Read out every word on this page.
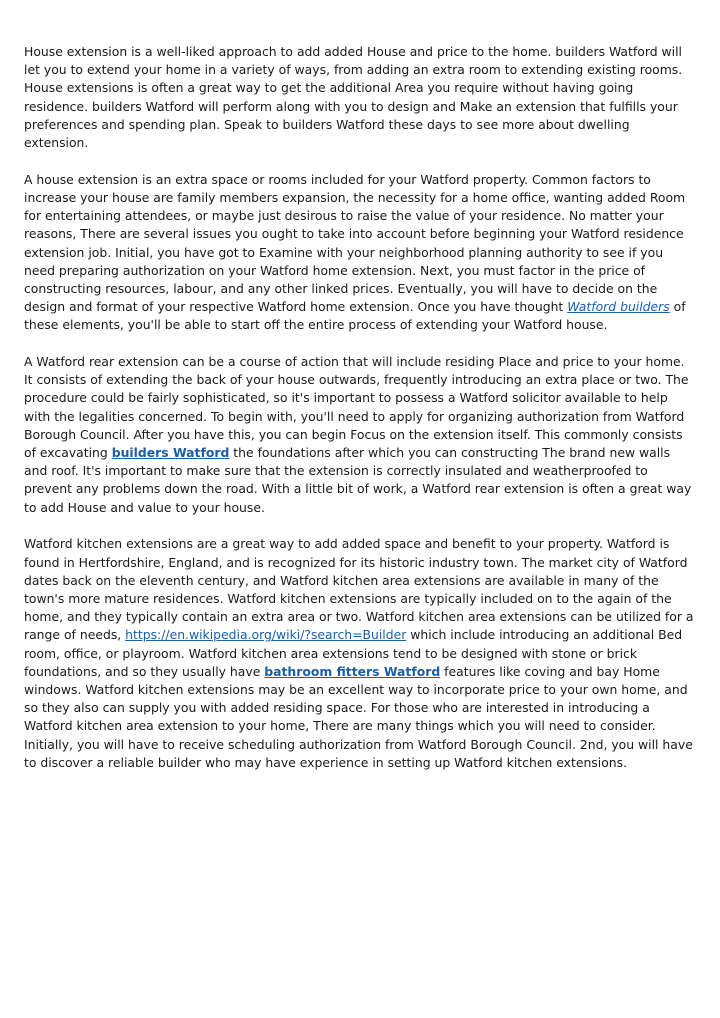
House extension is a well-liked approach to add added House and price to the home. builders Watford will let you to extend your home in a variety of ways, from adding an extra room to extending existing rooms. House extensions is often a great way to get the additional Area you require without having going residence. builders Watford will perform along with you to design and Make an extension that fulfills your preferences and spending plan. Speak to builders Watford these days to see more about dwelling extension.

A house extension is an extra space or rooms included for your Watford property. Common factors to increase your house are family members expansion, the necessity for a home office, wanting added Room for entertaining attendees, or maybe just desirous to raise the value of your residence. No matter your reasons, There are several issues you ought to take into account before beginning your Watford residence extension job. Initial, you have got to Examine with your neighborhood planning authority to see if you need preparing authorization on your Watford home extension. Next, you must factor in the price of constructing resources, labour, and any other linked prices. Eventually, you will have to decide on the design and format of your respective Watford home extension. Once you have thought Watford builders of these elements, you'll be able to start off the entire process of extending your Watford house.

A Watford rear extension can be a course of action that will include residing Place and price to your home. It consists of extending the back of your house outwards, frequently introducing an extra place or two. The procedure could be fairly sophisticated, so it's important to possess a Watford solicitor available to help with the legalities concerned. To begin with, you'll need to apply for organizing authorization from Watford Borough Council. After you have this, you can begin Focus on the extension itself. This commonly consists of excavating builders Watford the foundations after which you can constructing The brand new walls and roof. It's important to make sure that the extension is correctly insulated and weatherproofed to prevent any problems down the road. With a little bit of work, a Watford rear extension is often a great way to add House and value to your house.

Watford kitchen extensions are a great way to add added space and benefit to your property. Watford is found in Hertfordshire, England, and is recognized for its historic industry town. The market city of Watford dates back on the eleventh century, and Watford kitchen area extensions are available in many of the town's more mature residences. Watford kitchen extensions are typically included on to the again of the home, and they typically contain an extra area or two. Watford kitchen area extensions can be utilized for a range of needs, https://en.wikipedia.org/wiki/?search=Builder which include introducing an additional Bed room, office, or playroom. Watford kitchen area extensions tend to be designed with stone or brick foundations, and so they usually have bathroom fitters Watford features like coving and bay Home windows. Watford kitchen extensions may be an excellent way to incorporate price to your own home, and so they also can supply you with added residing space. For those who are interested in introducing a Watford kitchen area extension to your home, There are many things which you will need to consider. Initially, you will have to receive scheduling authorization from Watford Borough Council. 2nd, you will have to discover a reliable builder who may have experience in setting up Watford kitchen extensions.
